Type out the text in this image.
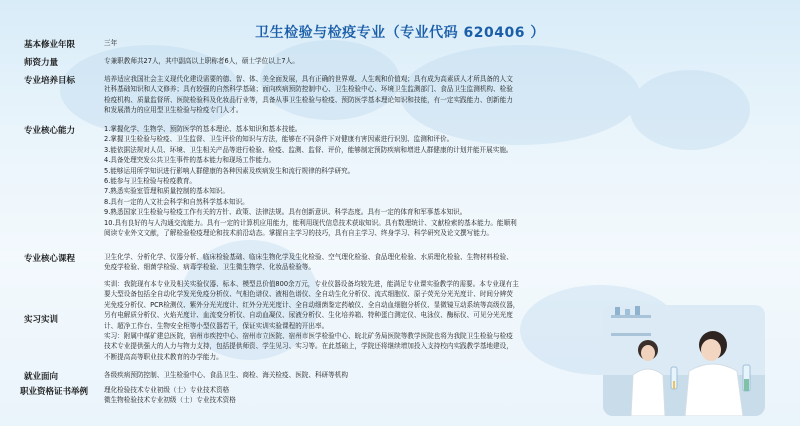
卫生检验与检疫专业（专业代码 620406 ）
基本修业年限	三年

师资力量	专兼职教师共27人，其中副高以上职称者6人，硕士学位以上7人。

专业培养目标	培养适应我国社会主义现代化建设需要的德、智、体、美全面发展，具有正确的世界观、人生观和价值观；具有成为高素质人才所具备的人文

社科基础知识和人文修养；具有较强的自然科学基础；面向疾病预防控制中心、卫生检验中心、环境卫生监测部门、食品卫生监测机构、检验

检疫机构、质量监督所、医院检验科及化妆品行业等，具备从事卫生检验与检疫、预防医学基本理论知识和技能，有一定实践能力、创新能力

和发展潜力的应用型卫生检验与检疫专门人才。

专业核心能力	1.掌握化学、生物学、预防医学的基本理论、基本知识和基本技能。

2.掌握卫生检验与检疫、卫生监督、卫生评价的知识与方法，能够在不同条件下对健康有害因素进行识别、监测和评价。

3.能依据法规对人员、环境、卫生相关产品等进行检验、检疫、监测、监督、评价，能够制定预防疾病和增进人群健康的计划并能开展实施。

4.具备处理突发公共卫生事件的基本能力和现场工作能力。

5.能够运用所学知识进行影响人群健康的各种因素及疾病发生和流行规律的科学研究。

6.能参与卫生检验与检疫教育。

7.熟悉实验室管理和质量控制的基本知识。

8.具有一定的人文社会科学和自然科学基本知识。

9.熟悉国家卫生检验与检疫工作有关的方针、政策、法律法规。具有创新意识、科学态度。具有一定的体育和军事基本知识。

10.具有良好的与人沟通交流能力。具有一定的计算机应用能力，能利用现代信息技术获取知识。具有数理统计、文献检索的基本能力。能顺利

阅读专业外文文献，了解检验检疫理论和技术前沿动态。掌握自主学习的技巧，具有自主学习、终身学习、科学研究及论文撰写能力。

专业核心课程	卫生化学、分析化学、仪器分析、临床检验基础、临床生物化学及生化检验、空气理化检验、食品理化检验、水质理化检验、生物材料检验、

免疫学检验、细菌学检验、病毒学检验、卫生微生物学、化妆品检验等。

实习实训

实训：我院现有本专业及相关实验仪器、标本、模型总价值800余万元，专业仪器设备均较先进，能满足专业课实验教学的需要。本专业现有主

要大型设备包括全自动化学发光免疫分析仪、气相色谱仪、液相色谱仪、全自动生化分析仪、流式细胞仪、原子荧光分光光度计、时间分辨荧

光免疫分析仪、PCR检测仪、紫外分光光度计、红外分光光度计、全自动细菌鉴定药敏仪、全自动血细胞分析仪、显微镜互动系统等高级仪器，

另有电解质分析仪、火焰光度计、血流变分析仪、自动血凝仪、尿液分析仪、生化培养箱、特种蛋白测定仪、电泳仪、酶标仪、可见分光光度

计、超净工作台、生物安全柜等小型仪器若干，保证实训实验课程的开出率。

实习：附属中煤矿建总医院，宿州市疾控中心、宿州市立医院、宿州市医学检验中心、皖北矿务局医院等教学医院也将为我院卫生检验与检疫

技术专业提供强大的人力与物力支持，包括提供师资、学生见习、实习等。在此基础上，学院还将继续增加投入支持校内实践教学基地建设，

不断提高高等职业技术教育的办学能力。

就业面向	各级疾病预防控制、卫生检验中心、食品卫生、商检、海关检疫、医院、科研等机构

职业资格证书举例	理化检验技术专业初级（士）专业技术资格

微生物检验技术专业初级（士）专业技术资格
